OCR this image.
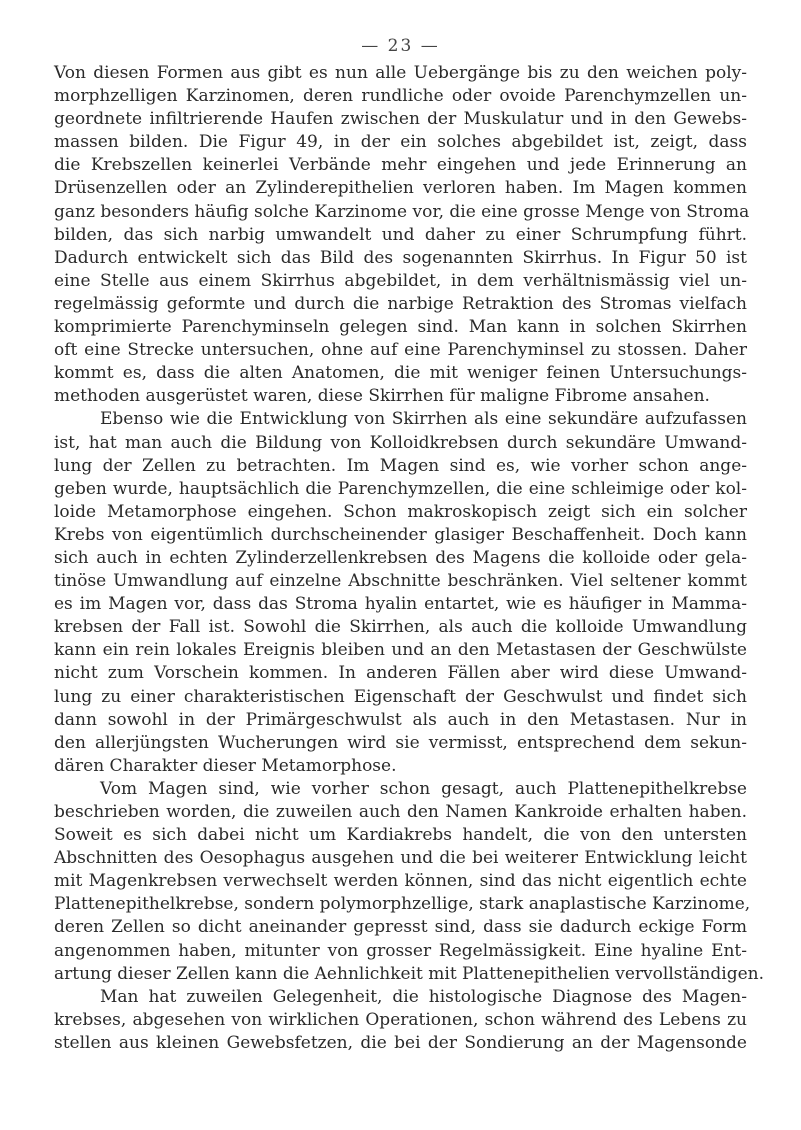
— 23 —
Von diesen Formen aus gibt es nun alle Uebergänge bis zu den weichen poly-
morphzelligen Karzinomen, deren rundliche oder ovoide Parenchymzellen un-
geordnete infiltrierende Haufen zwischen der Muskulatur und in den Gewebs-
massen bilden. Die Figur 49, in der ein solches abgebildet ist, zeigt, dass
die Krebszellen keinerlei Verbände mehr eingehen und jede Erinnerung an
Drüsenzellen oder an Zylinderepithelien verloren haben. Im Magen kommen
ganz besonders häufig solche Karzinome vor, die eine grosse Menge von Stroma
bilden, das sich narbig umwandelt und daher zu einer Schrumpfung führt.
Dadurch entwickelt sich das Bild des sogenannten Skirrhus. In Figur 50 ist
eine Stelle aus einem Skirrhus abgebildet, in dem verhältnismässig viel un-
regelmässig geformte und durch die narbige Retraktion des Stromas vielfach
komprimierte Parenchyminseln gelegen sind. Man kann in solchen Skirrhen
oft eine Strecke untersuchen, ohne auf eine Parenchyminsel zu stossen. Daher
kommt es, dass die alten Anatomen, die mit weniger feinen Untersuchungs-
methoden ausgerüstet waren, diese Skirrhen für maligne Fibrome ansahen.
Ebenso wie die Entwicklung von Skirrhen als eine sekundäre aufzufassen
ist, hat man auch die Bildung von Kolloidkrebsen durch sekundäre Umwand-
lung der Zellen zu betrachten. Im Magen sind es, wie vorher schon ange-
geben wurde, hauptsächlich die Parenchymzellen, die eine schleimige oder kol-
loide Metamorphose eingehen. Schon makroskopisch zeigt sich ein solcher
Krebs von eigentümlich durchscheinender glasiger Beschaffenheit. Doch kann
sich auch in echten Zylinderzellenkrebsen des Magens die kolloide oder gela-
tinöse Umwandlung auf einzelne Abschnitte beschränken. Viel seltener kommt
es im Magen vor, dass das Stroma hyalin entartet, wie es häufiger in Mamma-
krebsen der Fall ist. Sowohl die Skirrhen, als auch die kolloide Umwandlung
kann ein rein lokales Ereignis bleiben und an den Metastasen der Geschwülste
nicht zum Vorschein kommen. In anderen Fällen aber wird diese Umwand-
lung zu einer charakteristischen Eigenschaft der Geschwulst und findet sich
dann sowohl in der Primärgeschwulst als auch in den Metastasen. Nur in
den allerjüngsten Wucherungen wird sie vermisst, entsprechend dem sekun-
dären Charakter dieser Metamorphose.
Vom Magen sind, wie vorher schon gesagt, auch Plattenepithelkrebse
beschrieben worden, die zuweilen auch den Namen Kankroide erhalten haben.
Soweit es sich dabei nicht um Kardiakrebs handelt, die von den untersten
Abschnitten des Oesophagus ausgehen und die bei weiterer Entwicklung leicht
mit Magenkrebsen verwechselt werden können, sind das nicht eigentlich echte
Plattenepithelkrebse, sondern polymorphzellige, stark anaplastische Karzinome,
deren Zellen so dicht aneinander gepresst sind, dass sie dadurch eckige Form
angenommen haben, mitunter von grosser Regelmässigkeit. Eine hyaline Ent-
artung dieser Zellen kann die Aehnlichkeit mit Plattenepithelien vervollständigen.
Man hat zuweilen Gelegenheit, die histologische Diagnose des Magen-
krebses, abgesehen von wirklichen Operationen, schon während des Lebens zu
stellen aus kleinen Gewebsfetzen, die bei der Sondierung an der Magensonde
